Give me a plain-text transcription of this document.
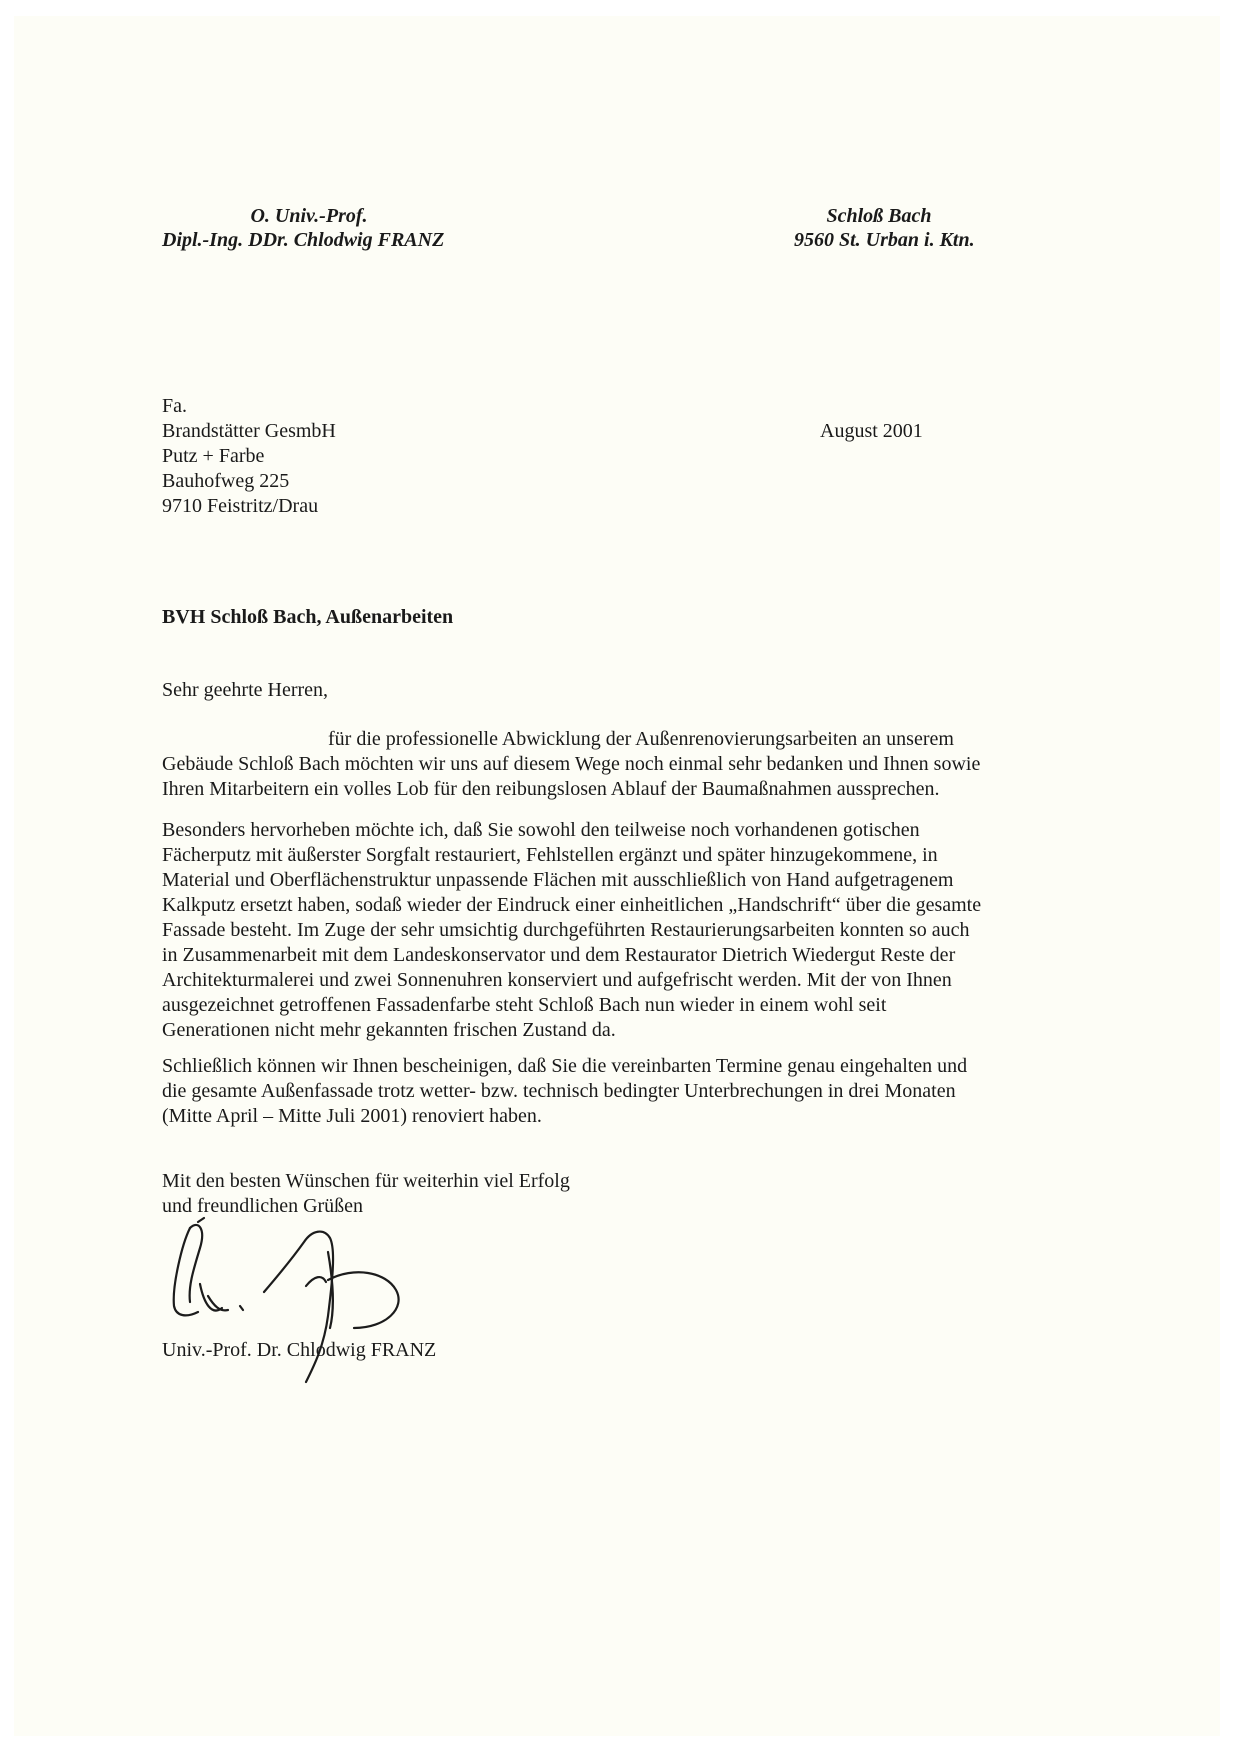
O. Univ.-Prof.
Dipl.-Ing. DDr. Chlodwig FRANZ
Schloß Bach
9560 St. Urban i. Ktn.
Fa.
Brandstätter GesmbH
Putz + Farbe
Bauhofweg 225
9710 Feistritz/Drau
August 2001
BVH Schloß Bach, Außenarbeiten
Sehr geehrte Herren,
für die professionelle Abwicklung der Außenrenovierungsarbeiten an unserem
Gebäude Schloß Bach möchten wir uns auf diesem Wege noch einmal sehr bedanken und Ihnen sowie
Ihren Mitarbeitern ein volles Lob für den reibungslosen Ablauf der Baumaßnahmen aussprechen.
Besonders hervorheben möchte ich, daß Sie sowohl den teilweise noch vorhandenen gotischen
Fächerputz mit äußerster Sorgfalt restauriert, Fehlstellen ergänzt und später hinzugekommene, in
Material und Oberflächenstruktur unpassende Flächen mit ausschließlich von Hand aufgetragenem
Kalkputz ersetzt haben, sodaß wieder der Eindruck einer einheitlichen „Handschrift“ über die gesamte
Fassade besteht. Im Zuge der sehr umsichtig durchgeführten Restaurierungsarbeiten konnten so auch
in Zusammenarbeit mit dem Landeskonservator und dem Restaurator Dietrich Wiedergut Reste der
Architekturmalerei und zwei Sonnenuhren konserviert und aufgefrischt werden. Mit der von Ihnen
ausgezeichnet getroffenen Fassadenfarbe steht Schloß Bach nun wieder in einem wohl seit
Generationen nicht mehr gekannten frischen Zustand da.
Schließlich können wir Ihnen bescheinigen, daß Sie die vereinbarten Termine genau eingehalten und
die gesamte Außenfassade trotz wetter- bzw. technisch bedingter Unterbrechungen in drei Monaten
(Mitte April – Mitte Juli 2001) renoviert haben.
Mit den besten Wünschen für weiterhin viel Erfolg
und freundlichen Grüßen
Univ.-Prof. Dr. Chlodwig FRANZ
